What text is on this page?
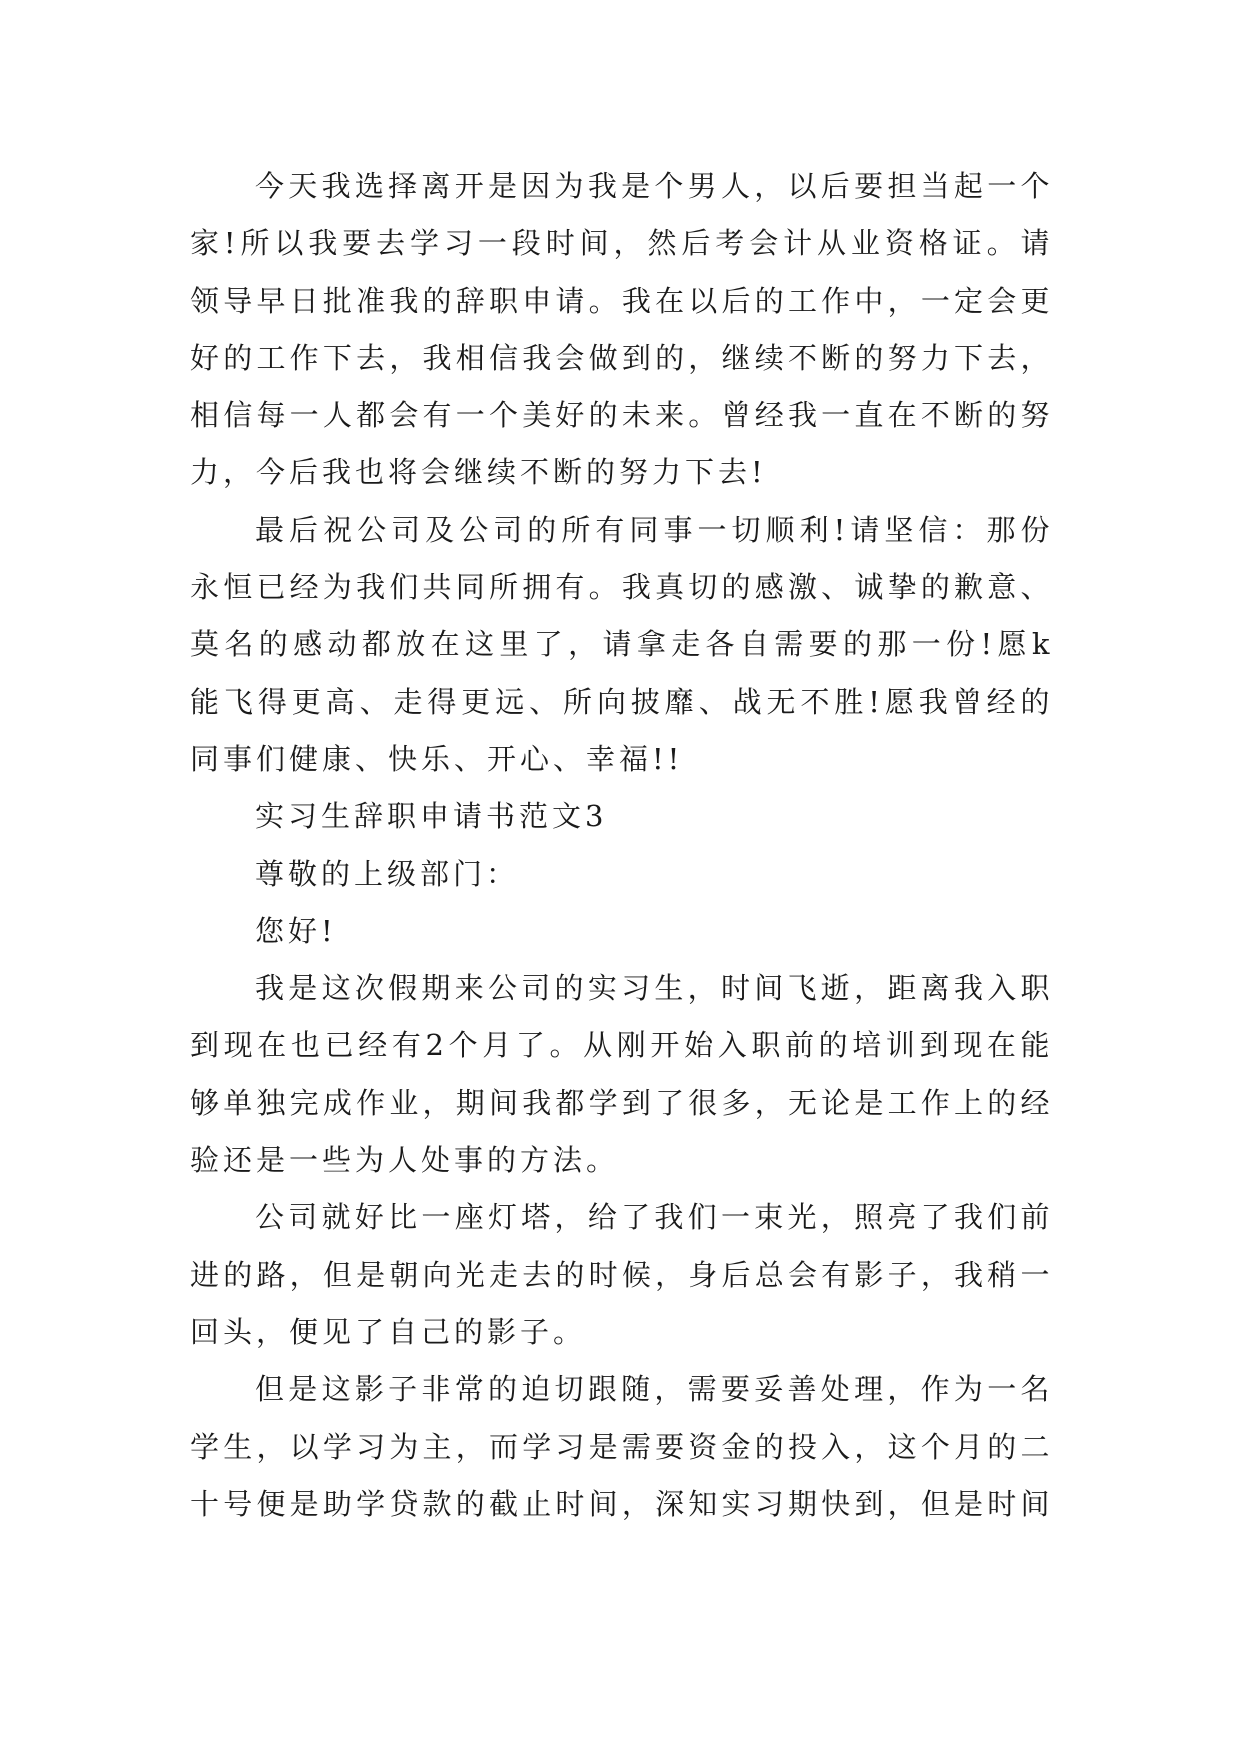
今天我选择离开是因为我是个男人，以后要担当起一个
家!所以我要去学习一段时间，然后考会计从业资格证。请
领导早日批准我的辞职申请。我在以后的工作中，一定会更
好的工作下去，我相信我会做到的，继续不断的努力下去，
相信每一人都会有一个美好的未来。曾经我一直在不断的努
力，今后我也将会继续不断的努力下去!
最后祝公司及公司的所有同事一切顺利!请坚信：那份
永恒已经为我们共同所拥有。我真切的感激、诚挚的歉意、
莫名的感动都放在这里了，请拿走各自需要的那一份!愿k
能飞得更高、走得更远、所向披靡、战无不胜!愿我曾经的
同事们健康、快乐、开心、幸福!!
实习生辞职申请书范文3
尊敬的上级部门：
您好!
我是这次假期来公司的实习生，时间飞逝，距离我入职
到现在也已经有2个月了。从刚开始入职前的培训到现在能
够单独完成作业，期间我都学到了很多，无论是工作上的经
验还是一些为人处事的方法。
公司就好比一座灯塔，给了我们一束光，照亮了我们前
进的路，但是朝向光走去的时候，身后总会有影子，我稍一
回头，便见了自己的影子。
但是这影子非常的迫切跟随，需要妥善处理，作为一名
学生，以学习为主，而学习是需要资金的投入，这个月的二
十号便是助学贷款的截止时间，深知实习期快到，但是时间
